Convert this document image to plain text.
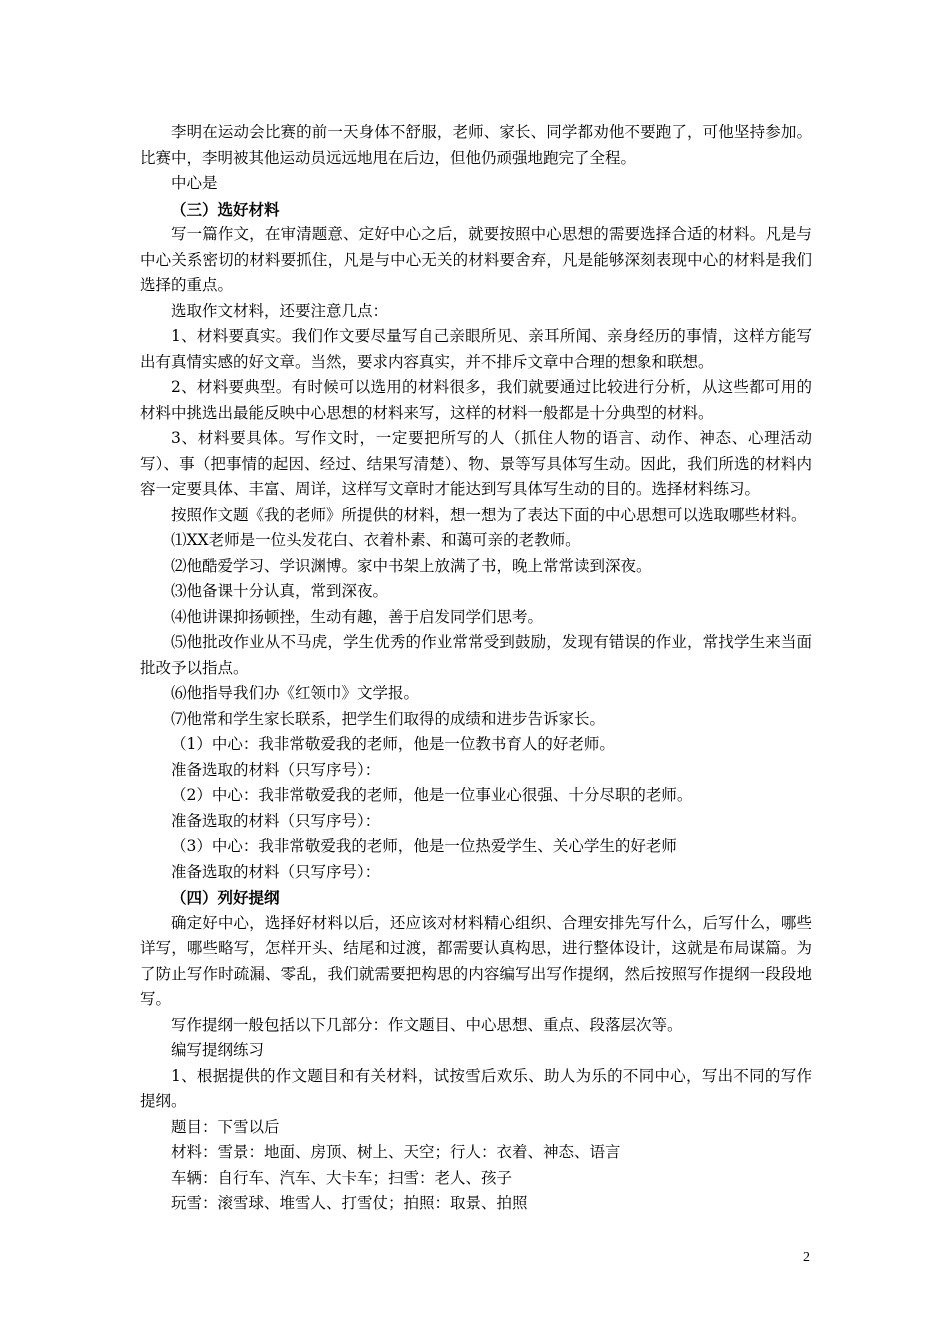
李明在运动会比赛的前一天身体不舒服，老师、家长、同学都劝他不要跑了，可他坚持参加。比赛中，李明被其他运动员远远地甩在后边，但他仍顽强地跑完了全程。

中心是

（三）选好材料

写一篇作文，在审清题意、定好中心之后，就要按照中心思想的需要选择合适的材料。凡是与中心关系密切的材料要抓住，凡是与中心无关的材料要舍弃，凡是能够深刻表现中心的材料是我们选择的重点。

选取作文材料，还要注意几点：

1、材料要真实。我们作文要尽量写自己亲眼所见、亲耳所闻、亲身经历的事情，这样方能写出有真情实感的好文章。当然，要求内容真实，并不排斥文章中合理的想象和联想。

2、材料要典型。有时候可以选用的材料很多，我们就要通过比较进行分析，从这些都可用的材料中挑选出最能反映中心思想的材料来写，这样的材料一般都是十分典型的材料。

3、材料要具体。写作文时，一定要把所写的人（抓住人物的语言、动作、神态、心理活动写）、事（把事情的起因、经过、结果写清楚）、物、景等写具体写生动。因此，我们所选的材料内容一定要具体、丰富、周详，这样写文章时才能达到写具体写生动的目的。选择材料练习。

按照作文题《我的老师》所提供的材料，想一想为了表达下面的中心思想可以选取哪些材料。

⑴XX老师是一位头发花白、衣着朴素、和蔼可亲的老教师。

⑵他酷爱学习、学识渊博。家中书架上放满了书，晚上常常读到深夜。

⑶他备课十分认真，常到深夜。

⑷他讲课抑扬顿挫，生动有趣，善于启发同学们思考。

⑸他批改作业从不马虎，学生优秀的作业常常受到鼓励，发现有错误的作业，常找学生来当面批改予以指点。

⑹他指导我们办《红领巾》文学报。

⑺他常和学生家长联系，把学生们取得的成绩和进步告诉家长。

（1）中心：我非常敬爱我的老师，他是一位教书育人的好老师。

准备选取的材料（只写序号）：

（2）中心：我非常敬爱我的老师，他是一位事业心很强、十分尽职的老师。

准备选取的材料（只写序号）：

（3）中心：我非常敬爱我的老师，他是一位热爱学生、关心学生的好老师

准备选取的材料（只写序号）：

（四）列好提纲

确定好中心，选择好材料以后，还应该对材料精心组织、合理安排先写什么，后写什么，哪些详写，哪些略写，怎样开头、结尾和过渡，都需要认真构思，进行整体设计，这就是布局谋篇。为了防止写作时疏漏、零乱，我们就需要把构思的内容编写出写作提纲，然后按照写作提纲一段段地写。

写作提纲一般包括以下几部分：作文题目、中心思想、重点、段落层次等。

编写提纲练习

1、根据提供的作文题目和有关材料，试按雪后欢乐、助人为乐的不同中心，写出不同的写作提纲。

题目：下雪以后

材料：雪景：地面、房顶、树上、天空；行人：衣着、神态、语言

车辆：自行车、汽车、大卡车；扫雪：老人、孩子

玩雪：滚雪球、堆雪人、打雪仗；拍照：取景、拍照

2
